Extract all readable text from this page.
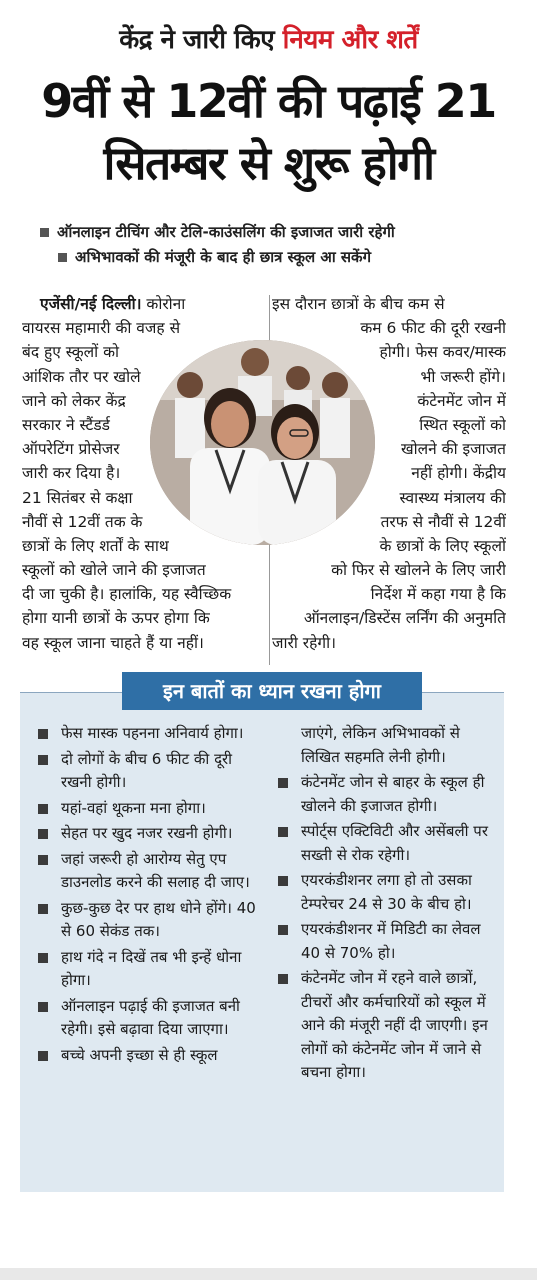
केंद्र ने जारी किए नियम और शर्तें
9वीं से 12वीं की पढ़ाई 21
सितम्बर से शुरू होगी
ऑनलाइन टीचिंग और टेलि-काउंसलिंग की इजाजत जारी रहेगी
अभिभावकों की मंजूरी के बाद ही छात्र स्कूल आ सकेंगे
एजेंसी/नई दिल्ली। कोरोना
वायरस महामारी की वजह से
बंद हुए स्कूलों को
आंशिक तौर पर खोले
जाने को लेकर केंद्र
सरकार ने स्टैंडर्ड
ऑपरेटिंग प्रोसेजर
जारी कर दिया है।
21 सितंबर से कक्षा
नौवीं से 12वीं तक के
छात्रों के लिए शर्तों के साथ
स्कूलों को खोले जाने की इजाजत
दी जा चुकी है। हालांकि, यह स्वैच्छिक
होगा यानी छात्रों के ऊपर होगा कि
वह स्कूल जाना चाहते हैं या नहीं।
इस दौरान छात्रों के बीच कम से
कम 6 फीट की दूरी रखनी
होगी। फेस कवर/मास्क
भी जरूरी होंगे।
कंटेनमेंट जोन में
स्थित स्कूलों को
खोलने की इजाजत
नहीं होगी। केंद्रीय
स्वास्थ्य मंत्रालय की
तरफ से नौवीं से 12वीं
के छात्रों के लिए स्कूलों
को फिर से खोलने के लिए जारी
निर्देश में कहा गया है कि
ऑनलाइन/डिस्टेंस लर्निंग की अनुमति
जारी रहेगी।
इन बातों का ध्यान रखना होगा
फेस मास्क पहनना अनिवार्य होगा।
दो लोगों के बीच 6 फीट की दूरी रखनी होगी।
यहां-वहां थूकना मना होगा।
सेहत पर खुद नजर रखनी होगी।
जहां जरूरी हो आरोग्य सेतु एप डाउनलोड करने की सलाह दी जाए।
कुछ-कुछ देर पर हाथ धोने होंगे। 40 से 60 सेकंड तक।
हाथ गंदे न दिखें तब भी इन्हें धोना होगा।
ऑनलाइन पढ़ाई की इजाजत बनी रहेगी। इसे बढ़ावा दिया जाएगा।
बच्चे अपनी इच्छा से ही स्कूल
जाएंगे, लेकिन अभिभावकों से लिखित सहमति लेनी होगी।
कंटेनमेंट जोन से बाहर के स्कूल ही खोलने की इजाजत होगी।
स्पोर्ट्स एक्टिविटी और असेंबली पर सख्ती से रोक रहेगी।
एयरकंडीशनर लगा हो तो उसका टेम्परेचर 24 से 30 के बीच हो।
एयरकंडीशनर में मिडिटी का लेवल 40 से 70% हो।
कंटेनमेंट जोन में रहने वाले छात्रों, टीचरों और कर्मचारियों को स्कूल में आने की मंजूरी नहीं दी जाएगी। इन लोगों को कंटेनमेंट जोन में जाने से बचना होगा।
